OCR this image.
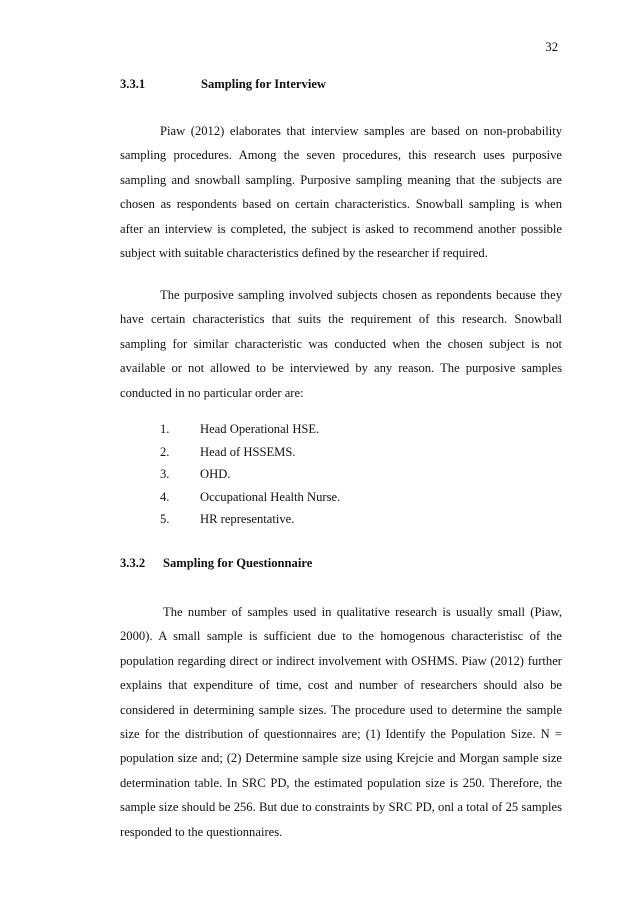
32
3.3.1	Sampling for Interview

Piaw (2012) elaborates that interview samples are based on non-probability sampling procedures. Among the seven procedures, this research uses purposive sampling and snowball sampling. Purposive sampling meaning that the subjects are chosen as respondents based on certain characteristics. Snowball sampling is when after an interview is completed, the subject is asked to recommend another possible subject with suitable characteristics defined by the researcher if required.

The purposive sampling involved subjects chosen as repondents because they have certain characteristics that suits the requirement of this research. Snowball sampling for similar characteristic was conducted when the chosen subject is not available or not allowed to be interviewed by any reason. The purposive samples conducted in no particular order are:

1. Head Operational HSE.
2. Head of HSSEMS.
3. OHD.
4. Occupational Health Nurse.
5. HR representative.
3.3.2 Sampling for Questionnaire

The number of samples used in qualitative research is usually small (Piaw, 2000). A small sample is sufficient due to the homogenous characteristisc of the population regarding direct or indirect involvement with OSHMS. Piaw (2012) further explains that expenditure of time, cost and number of researchers should also be considered in determining sample sizes. The procedure used to determine the sample size for the distribution of questionnaires are; (1) Identify the Population Size. N = population size and; (2) Determine sample size using Krejcie and Morgan sample size determination table. In SRC PD, the estimated population size is 250. Therefore, the sample size should be 256. But due to constraints by SRC PD, onl a total of 25 samples responded to the questionnaires.
